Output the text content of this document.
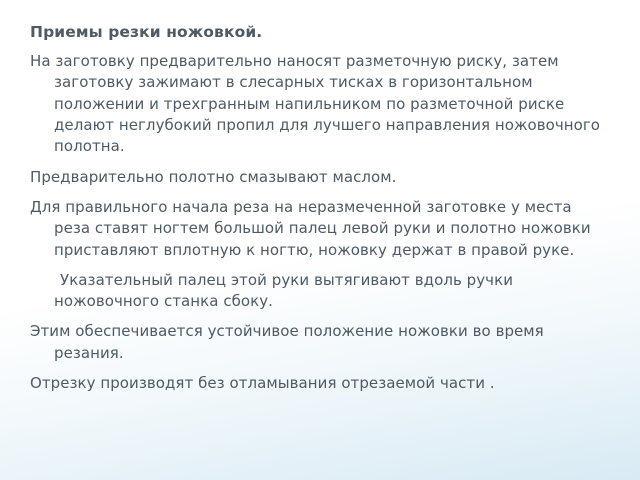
Приемы резки ножовкой.

На заготовку предварительно наносят разметочную риску, затем заготовку зажимают в слесарных тисках в горизонтальном положении и трехгранным напильником по разметочной риске делают неглубокий пропил для лучшего направления ножовочного полотна.

Предварительно полотно смазывают маслом.

Для правильного начала реза на неразмеченной заготовке у места реза ставят ногтем большой палец левой руки и полотно ножовки приставляют вплотную к ногтю, ножовку держат в правой руке.

Указательный палец этой руки вытягивают вдоль ручки ножовочного станка сбоку.

Этим обеспечивается устойчивое положение ножовки во время резания.

Отрезку производят без отламывания отрезаемой части .
